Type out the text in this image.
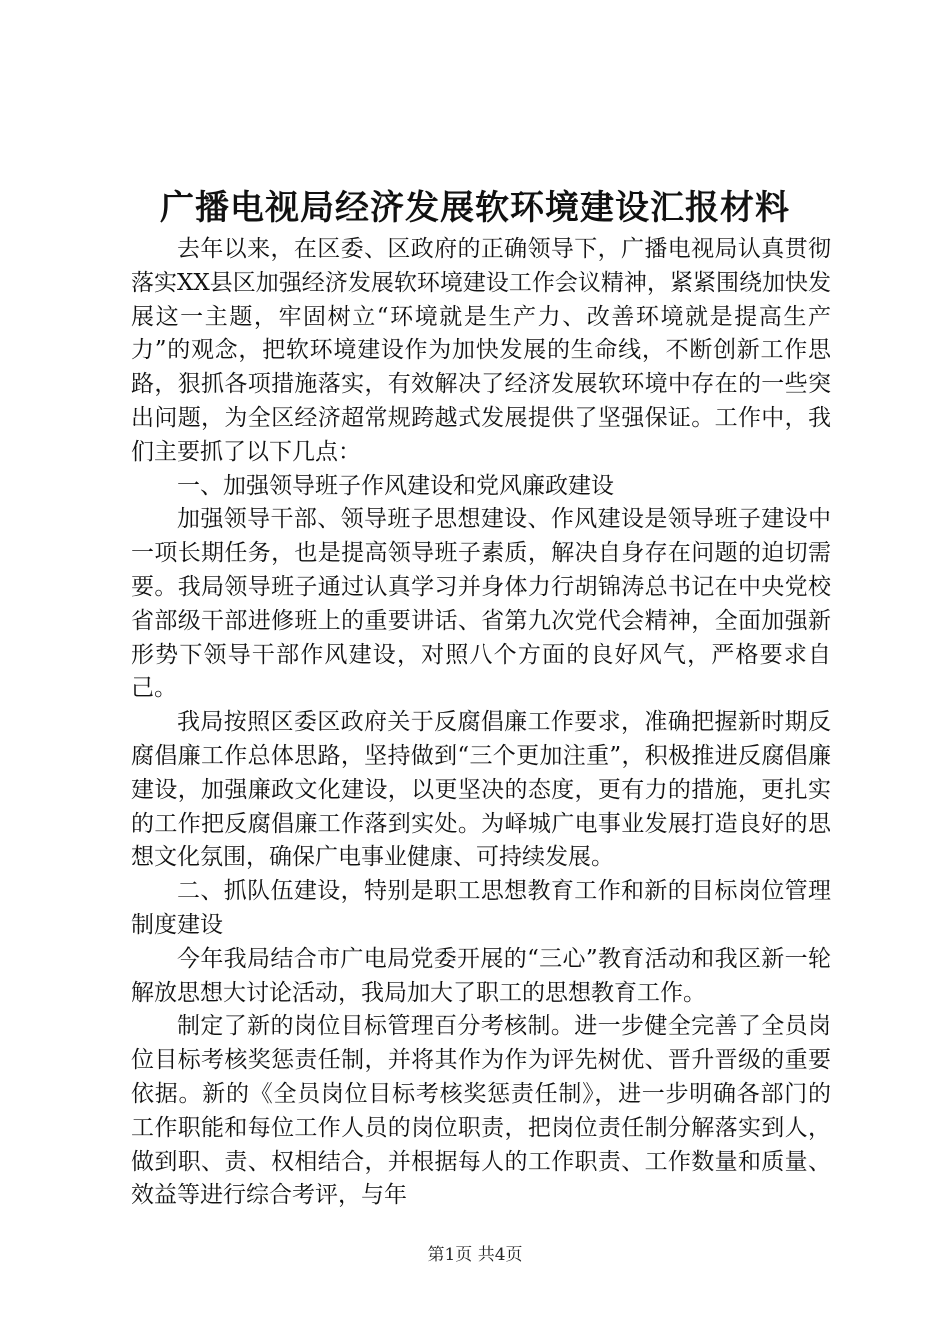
广播电视局经济发展软环境建设汇报材料

去年以来，在区委、区政府的正确领导下，广播电视局认真贯彻落实XX县区加强经济发展软环境建设工作会议精神，紧紧围绕加快发展这一主题，牢固树立“环境就是生产力、改善环境就是提高生产力”的观念，把软环境建设作为加快发展的生命线，不断创新工作思路，狠抓各项措施落实，有效解决了经济发展软环境中存在的一些突出问题，为全区经济超常规跨越式发展提供了坚强保证。工作中，我们主要抓了以下几点：

一、加强领导班子作风建设和党风廉政建设

加强领导干部、领导班子思想建设、作风建设是领导班子建设中一项长期任务，也是提高领导班子素质，解决自身存在问题的迫切需要。我局领导班子通过认真学习并身体力行胡锦涛总书记在中央党校省部级干部进修班上的重要讲话、省第九次党代会精神，全面加强新形势下领导干部作风建设，对照八个方面的良好风气，严格要求自己。

我局按照区委区政府关于反腐倡廉工作要求，准确把握新时期反腐倡廉工作总体思路，坚持做到“三个更加注重”，积极推进反腐倡廉建设，加强廉政文化建设，以更坚决的态度，更有力的措施，更扎实的工作把反腐倡廉工作落到实处。为峄城广电事业发展打造良好的思想文化氛围，确保广电事业健康、可持续发展。

二、抓队伍建设，特别是职工思想教育工作和新的目标岗位管理制度建设

今年我局结合市广电局党委开展的“三心”教育活动和我区新一轮解放思想大讨论活动，我局加大了职工的思想教育工作。

制定了新的岗位目标管理百分考核制。进一步健全完善了全员岗位目标考核奖惩责任制，并将其作为作为评先树优、晋升晋级的重要依据。新的《全员岗位目标考核奖惩责任制》，进一步明确各部门的工作职能和每位工作人员的岗位职责，把岗位责任制分解落实到人，做到职、责、权相结合，并根据每人的工作职责、工作数量和质量、效益等进行综合考评，与年

第1页 共4页
